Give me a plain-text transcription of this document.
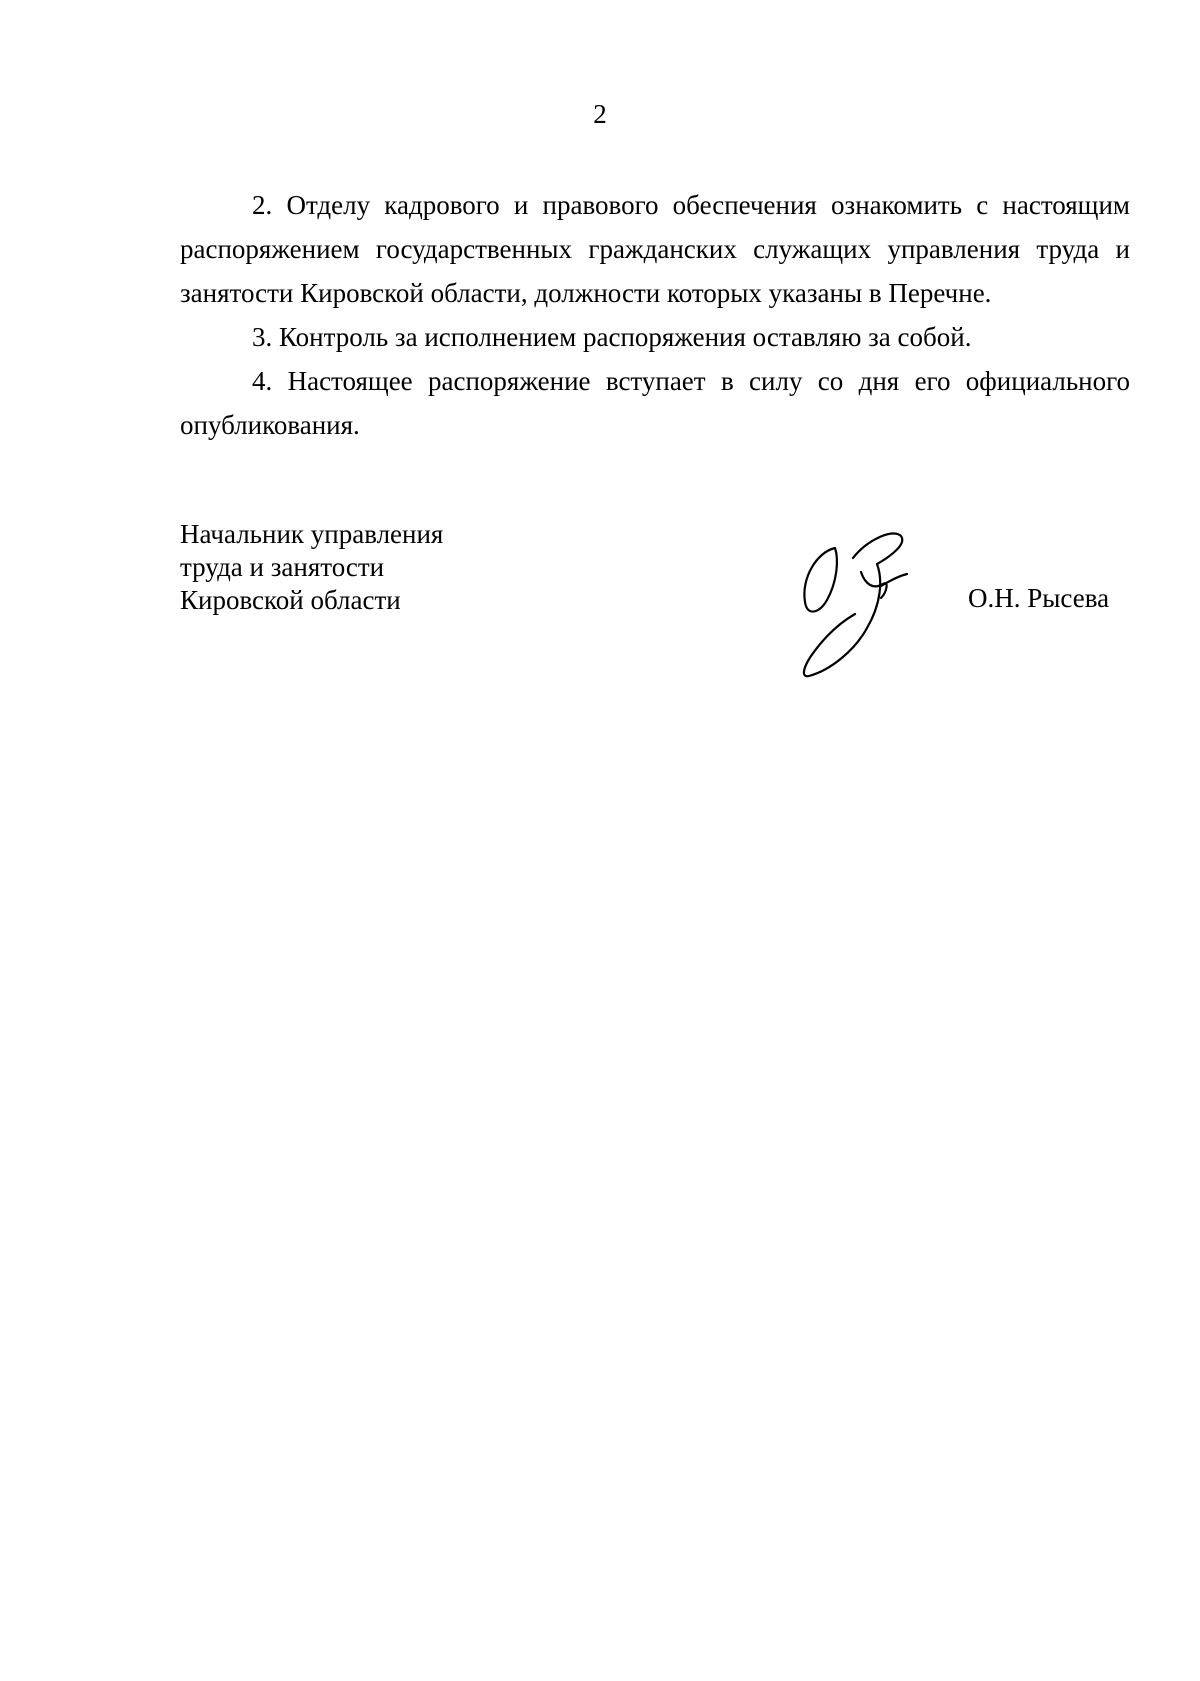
2

2. Отделу кадрового и правового обеспечения ознакомить с настоящим распоряжением государственных гражданских служащих управления труда и занятости Кировской области, должности которых указаны в Перечне.

3. Контроль за исполнением распоряжения оставляю за собой.

4. Настоящее распоряжение вступает в силу со дня его официального опубликования.

Начальник управления
труда и занятости
Кировской области	О.Н. Рысева
